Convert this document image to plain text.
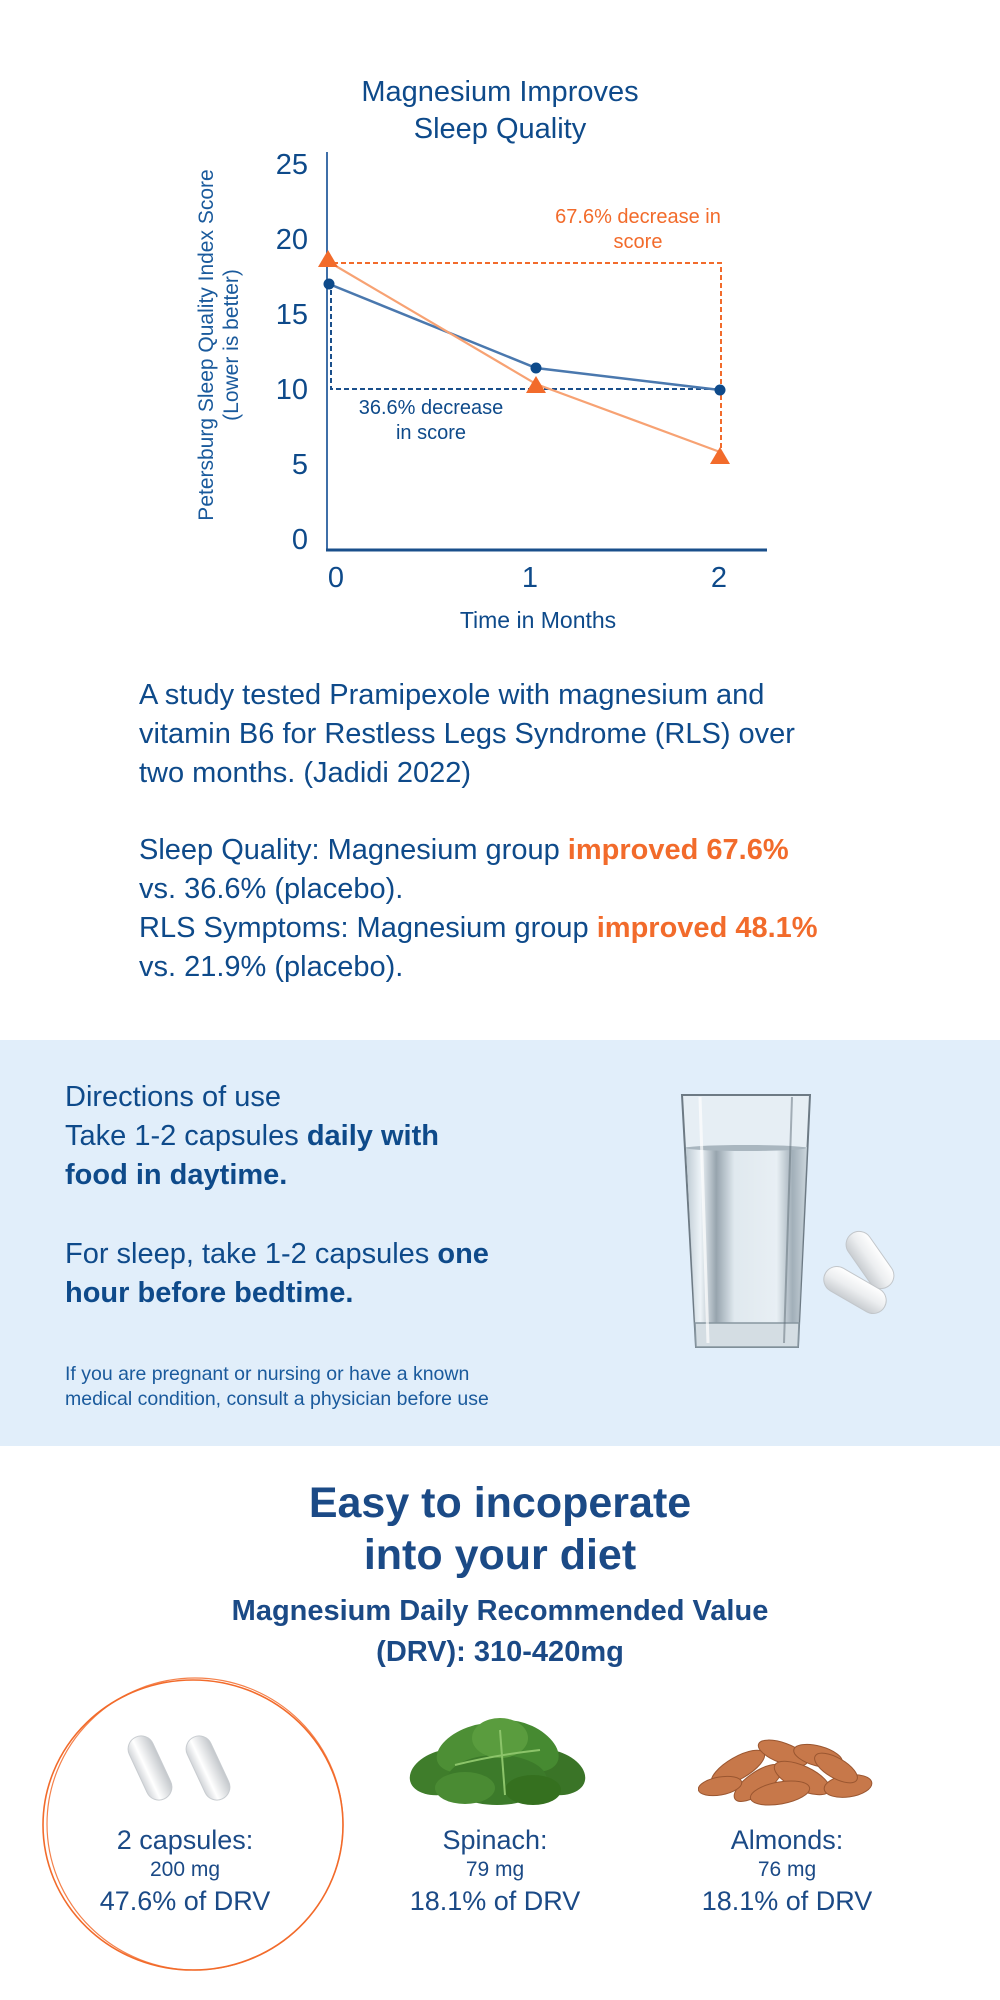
Magnesium Improves
Sleep Quality
Petersburg Sleep Quality Index Score (Lower is better)
25
20
15
10
5
0
0	1	2
Time in Months
67.6% decrease in
score
36.6% decrease
in score
A study tested Pramipexole with magnesium and
vitamin B6 for Restless Legs Syndrome (RLS) over
two months. (Jadidi 2022)
Sleep Quality: Magnesium group improved 67.6%
vs. 36.6% (placebo).
RLS Symptoms: Magnesium group improved 48.1%
vs. 21.9% (placebo).
Directions of use
Take 1-2 capsules daily with
food in daytime.
For sleep, take 1-2 capsules one
hour before bedtime.
If you are pregnant or nursing or have a known
medical condition, consult a physician before use
Easy to incoperate
into your diet
Magnesium Daily Recommended Value
(DRV): 310-420mg
2 capsules:
200 mg
47.6% of DRV
Spinach:
79 mg
18.1% of DRV
Almonds:
76 mg
18.1% of DRV
